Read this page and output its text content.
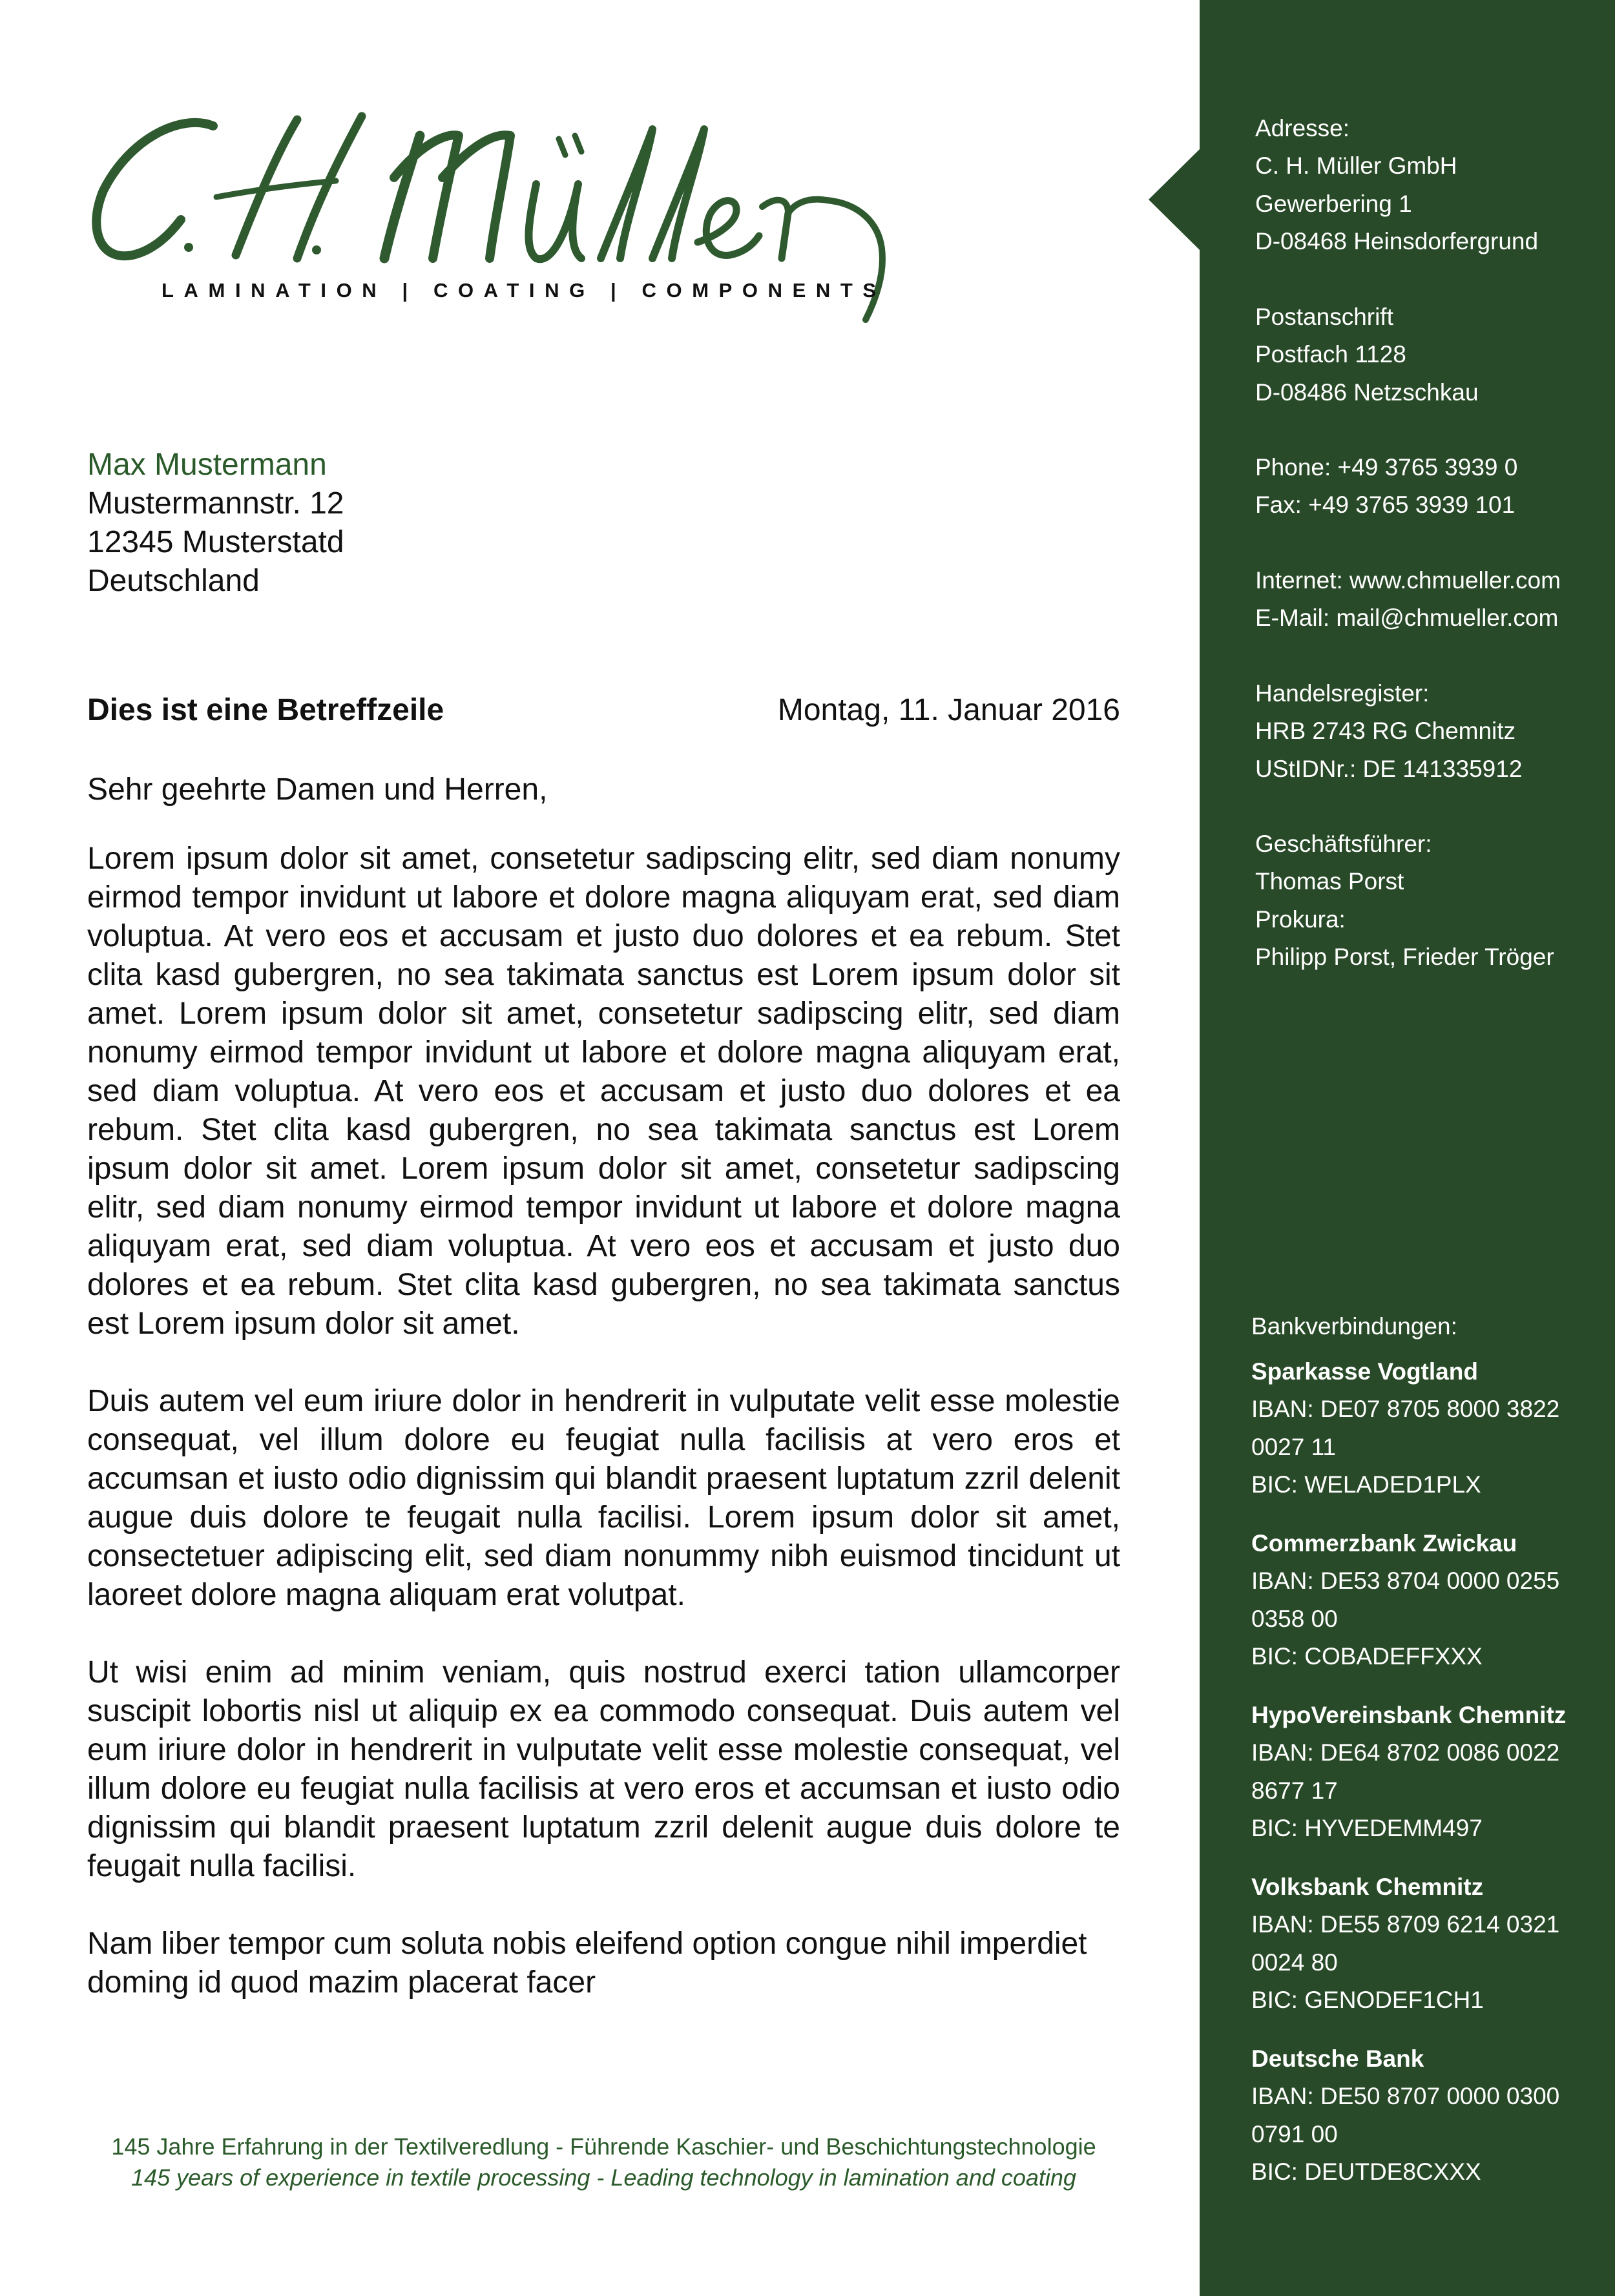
LAMINATION | COATING | COMPONENTS
Max Mustermann
Mustermannstr. 12
12345 Musterstatd
Deutschland
Dies ist eine Betreffzeile	Montag, 11. Januar 2016
Sehr geehrte Damen und Herren,

Lorem ipsum dolor sit amet, consetetur sadipscing elitr, sed diam nonumy eirmod tempor invidunt ut labore et dolore magna aliquyam erat, sed diam voluptua. At vero eos et accusam et justo duo dolores et ea rebum. Stet clita kasd gubergren, no sea takimata sanctus est Lorem ipsum dolor sit amet. Lorem ipsum dolor sit amet, consetetur sadipscing elitr, sed diam nonumy eirmod tempor invidunt ut labore et dolore magna aliquyam erat, sed diam voluptua. At vero eos et accusam et justo duo dolores et ea rebum. Stet clita kasd gubergren, no sea takimata sanctus est Lorem ipsum dolor sit amet. Lorem ipsum dolor sit amet, consetetur sadipscing elitr, sed diam nonumy eirmod tempor invidunt ut labore et dolore magna aliquyam erat, sed diam voluptua. At vero eos et accusam et justo duo dolores et ea rebum. Stet clita kasd gubergren, no sea takimata sanctus est Lorem ipsum dolor sit amet.

Duis autem vel eum iriure dolor in hendrerit in vulputate velit esse molestie consequat, vel illum dolore eu feugiat nulla facilisis at vero eros et accumsan et iusto odio dignissim qui blandit praesent luptatum zzril delenit augue duis dolore te feugait nulla facilisi. Lorem ipsum dolor sit amet, consectetuer adipiscing elit, sed diam nonummy nibh euismod tincidunt ut laoreet dolore magna aliquam erat volutpat.

Ut wisi enim ad minim veniam, quis nostrud exerci tation ullamcorper suscipit lobortis nisl ut aliquip ex ea commodo consequat. Duis autem vel eum iriure dolor in hendrerit in vulputate velit esse molestie consequat, vel illum dolore eu feugiat nulla facilisis at vero eros et accumsan et iusto odio dignissim qui blandit praesent luptatum zzril delenit augue duis dolore te feugait nulla facilisi.

Nam liber tempor cum soluta nobis eleifend option congue nihil imperdiet doming id quod mazim placerat facer

145 Jahre Erfahrung in der Textilveredlung - Führende Kaschier- und Beschichtungstechnologie
145 years of experience in textile processing - Leading technology in lamination and coating
Adresse:
C. H. Müller GmbH
Gewerbering 1
D-08468 Heinsdorfergrund
Postanschrift
Postfach 1128
D-08486 Netzschkau
Phone: +49 3765 3939 0
Fax: +49 3765 3939 101
Internet: www.chmueller.com
E-Mail: mail@chmueller.com
Handelsregister:
HRB 2743 RG Chemnitz
UStIDNr.: DE 141335912
Geschäftsführer:
Thomas Porst
Prokura:
Philipp Porst, Frieder Tröger
Bankverbindungen:
Sparkasse Vogtland
IBAN: DE07 8705 8000 3822
0027 11
BIC: WELADED1PLX
Commerzbank Zwickau
IBAN: DE53 8704 0000 0255
0358 00
BIC: COBADEFFXXX
HypoVereinsbank Chemnitz
IBAN: DE64 8702 0086 0022
8677 17
BIC: HYVEDEMM497
Volksbank Chemnitz
IBAN: DE55 8709 6214 0321
0024 80
BIC: GENODEF1CH1
Deutsche Bank
IBAN: DE50 8707 0000 0300
0791 00
BIC: DEUTDE8CXXX
